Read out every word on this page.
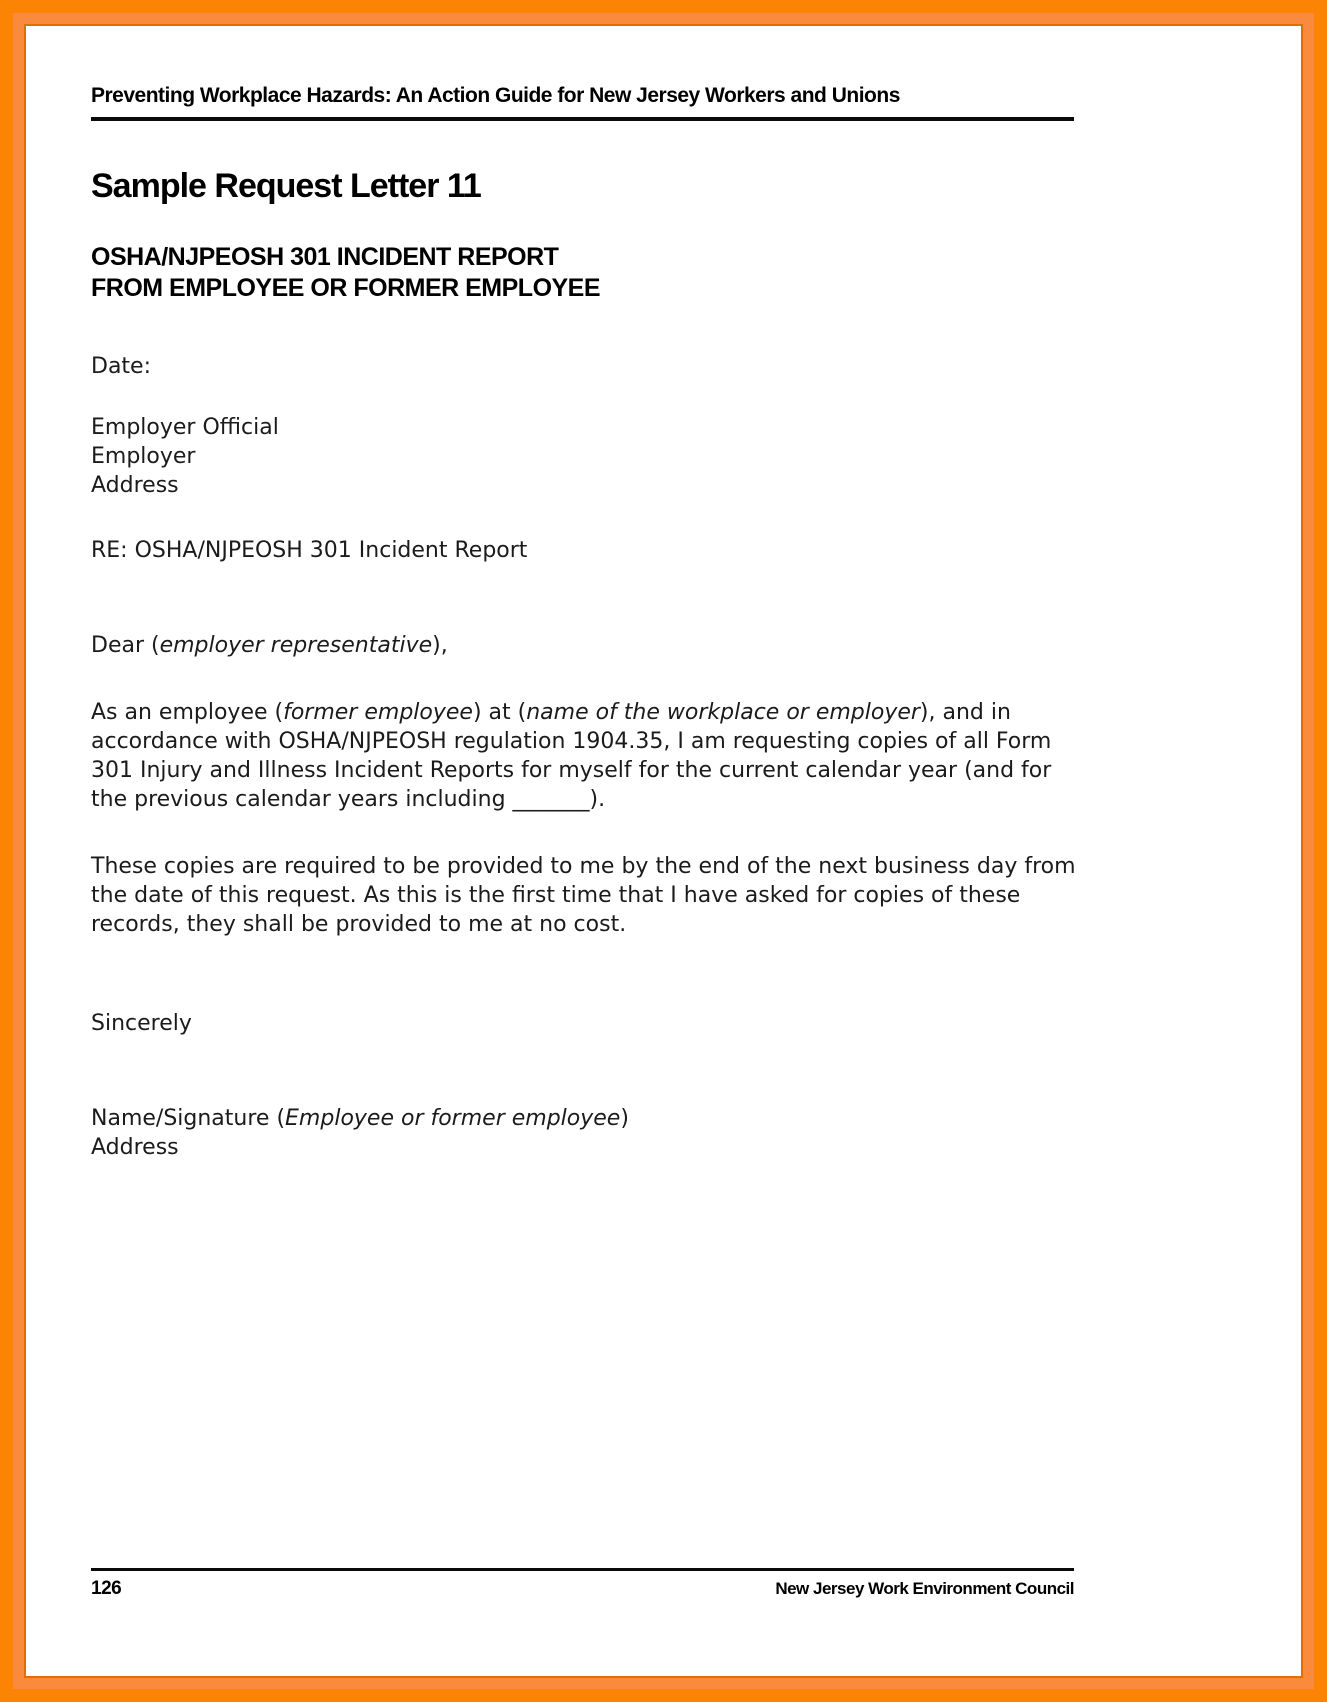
Preventing Workplace Hazards: An Action Guide for New Jersey Workers and Unions
Sample Request Letter 11
OSHA/NJPEOSH 301 INCIDENT REPORT
FROM EMPLOYEE OR FORMER EMPLOYEE
Date:
Employer Official
Employer
Address
RE: OSHA/NJPEOSH 301 Incident Report
Dear (employer representative),
As an employee (former employee) at (name of the workplace or employer), and in accordance with OSHA/NJPEOSH regulation 1904.35, I am requesting copies of all Form 301 Injury and Illness Incident Reports for myself for the current calendar year (and for the previous calendar years including _______).
These copies are required to be provided to me by the end of the next business day from the date of this request. As this is the first time that I have asked for copies of these records, they shall be provided to me at no cost.
Sincerely
Name/Signature (Employee or former employee)
Address
126	New Jersey Work Environment Council
